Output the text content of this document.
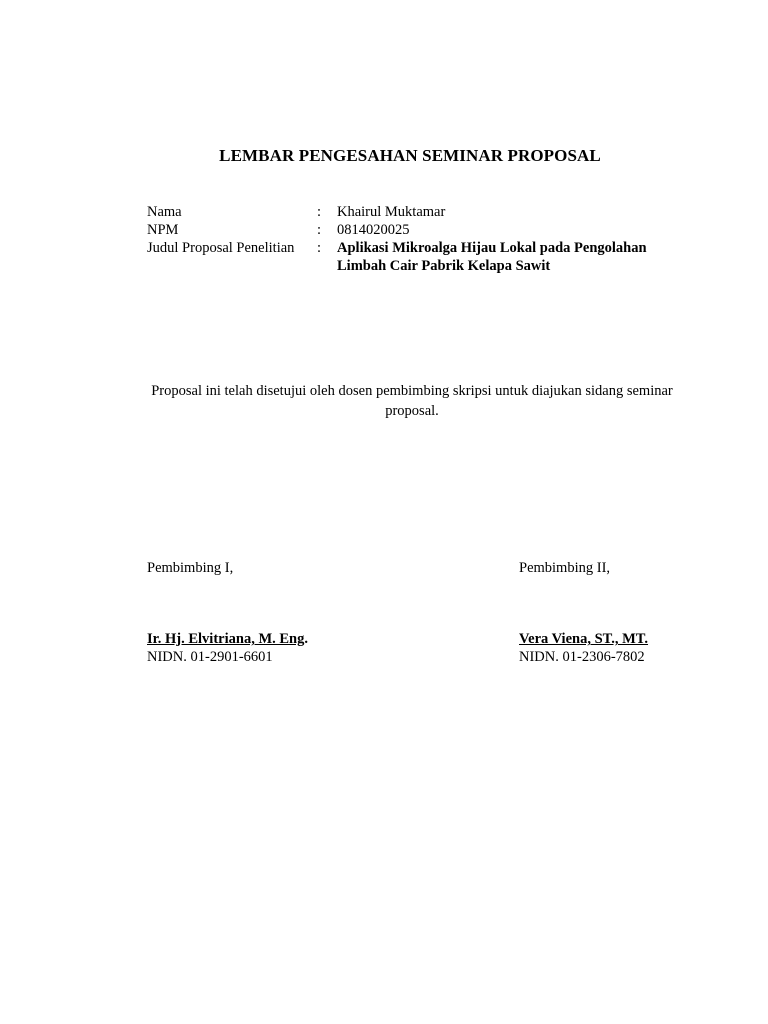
LEMBAR PENGESAHAN SEMINAR PROPOSAL
Nama	:	Khairul Muktamar
NPM	:	0814020025
Judul Proposal Penelitian	:	Aplikasi Mikroalga Hijau Lokal pada Pengolahan Limbah Cair Pabrik Kelapa Sawit
Proposal ini telah disetujui oleh dosen pembimbing skripsi untuk diajukan sidang seminar proposal.
Pembimbing I,
Ir. Hj. Elvitriana, M. Eng.
NIDN. 01-2901-6601
Pembimbing II,
Vera Viena, ST., MT.
NIDN. 01-2306-7802
